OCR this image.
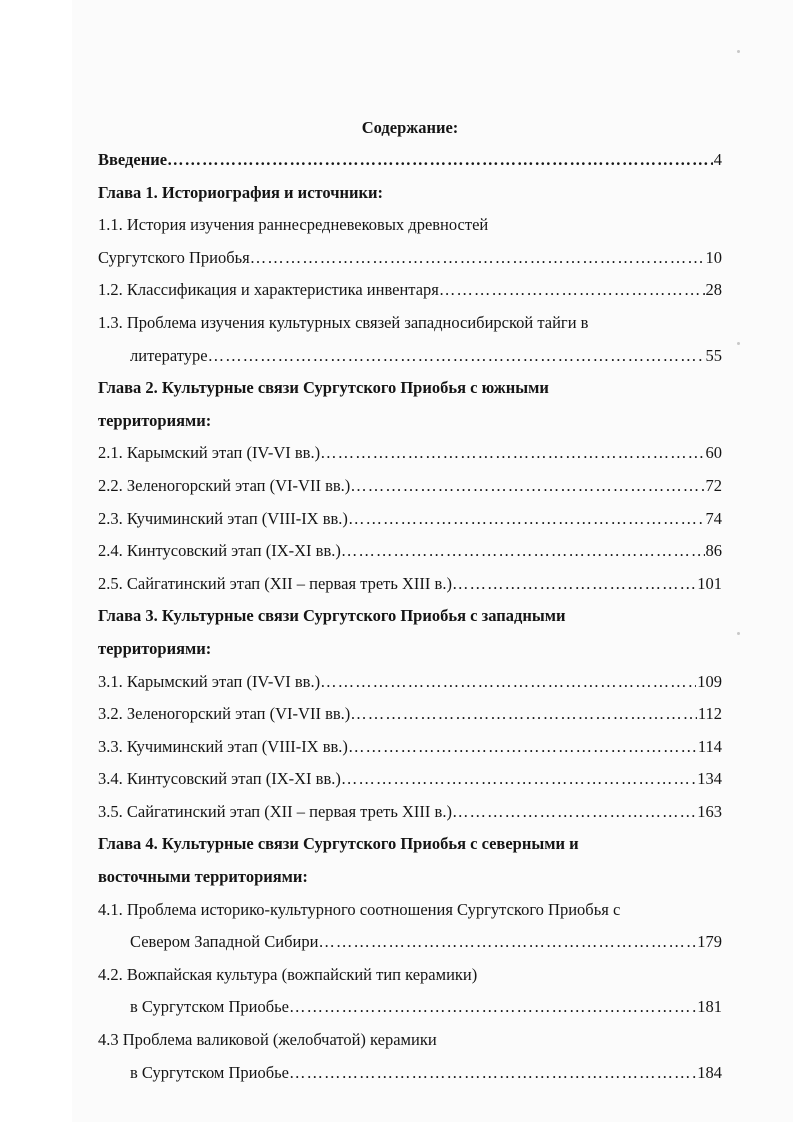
Содержание:
Введение …………………………………………………………………………………………………………………………………………………………………………………………	4
Глава 1. Историография и источники:
1.1. История изучения раннесредневековых древностей
Сургутского Приобья …………………………………………………………………………………………………………………………………………………………………………………………	10
1.2. Классификация и характеристика инвентаря …………………………………………………………………………………………………………………………………………………………………………………………	28
1.3. Проблема изучения культурных связей западносибирской тайги в
литературе …………………………………………………………………………………………………………………………………………………………………………………………	55
Глава 2. Культурные связи Сургутского Приобья с южными
территориями:
2.1. Карымский этап (IV-VI вв.) …………………………………………………………………………………………………………………………………………………………………………………………	60
2.2. Зеленогорский этап (VI-VII вв.) …………………………………………………………………………………………………………………………………………………………………………………………	72
2.3. Кучиминский этап (VIII-IX вв.) …………………………………………………………………………………………………………………………………………………………………………………………	74
2.4. Кинтусовский этап (IX-XI вв.) …………………………………………………………………………………………………………………………………………………………………………………………	86
2.5. Сайгатинский этап (XII – первая треть XIII в.) …………………………………………………………………………………………………………………………………………………………………………………………	101
Глава 3. Культурные связи Сургутского Приобья с западными
территориями:
3.1. Карымский этап (IV-VI вв.) …………………………………………………………………………………………………………………………………………………………………………………………	109
3.2. Зеленогорский этап (VI-VII вв.) …………………………………………………………………………………………………………………………………………………………………………………………	112
3.3. Кучиминский этап (VIII-IX вв.) …………………………………………………………………………………………………………………………………………………………………………………………	114
3.4. Кинтусовский этап (IX-XI вв.) …………………………………………………………………………………………………………………………………………………………………………………………	134
3.5. Сайгатинский этап (XII – первая треть XIII в.) …………………………………………………………………………………………………………………………………………………………………………………………	163
Глава 4. Культурные связи Сургутского Приобья с северными и
восточными территориями:
4.1. Проблема историко-культурного соотношения Сургутского Приобья с
Севером Западной Сибири …………………………………………………………………………………………………………………………………………………………………………………………	179
4.2. Вожпайская культура (вожпайский тип керамики)
в Сургутском Приобье …………………………………………………………………………………………………………………………………………………………………………………………	181
4.3 Проблема валиковой (желобчатой) керамики
в Сургутском Приобье …………………………………………………………………………………………………………………………………………………………………………………………	184
